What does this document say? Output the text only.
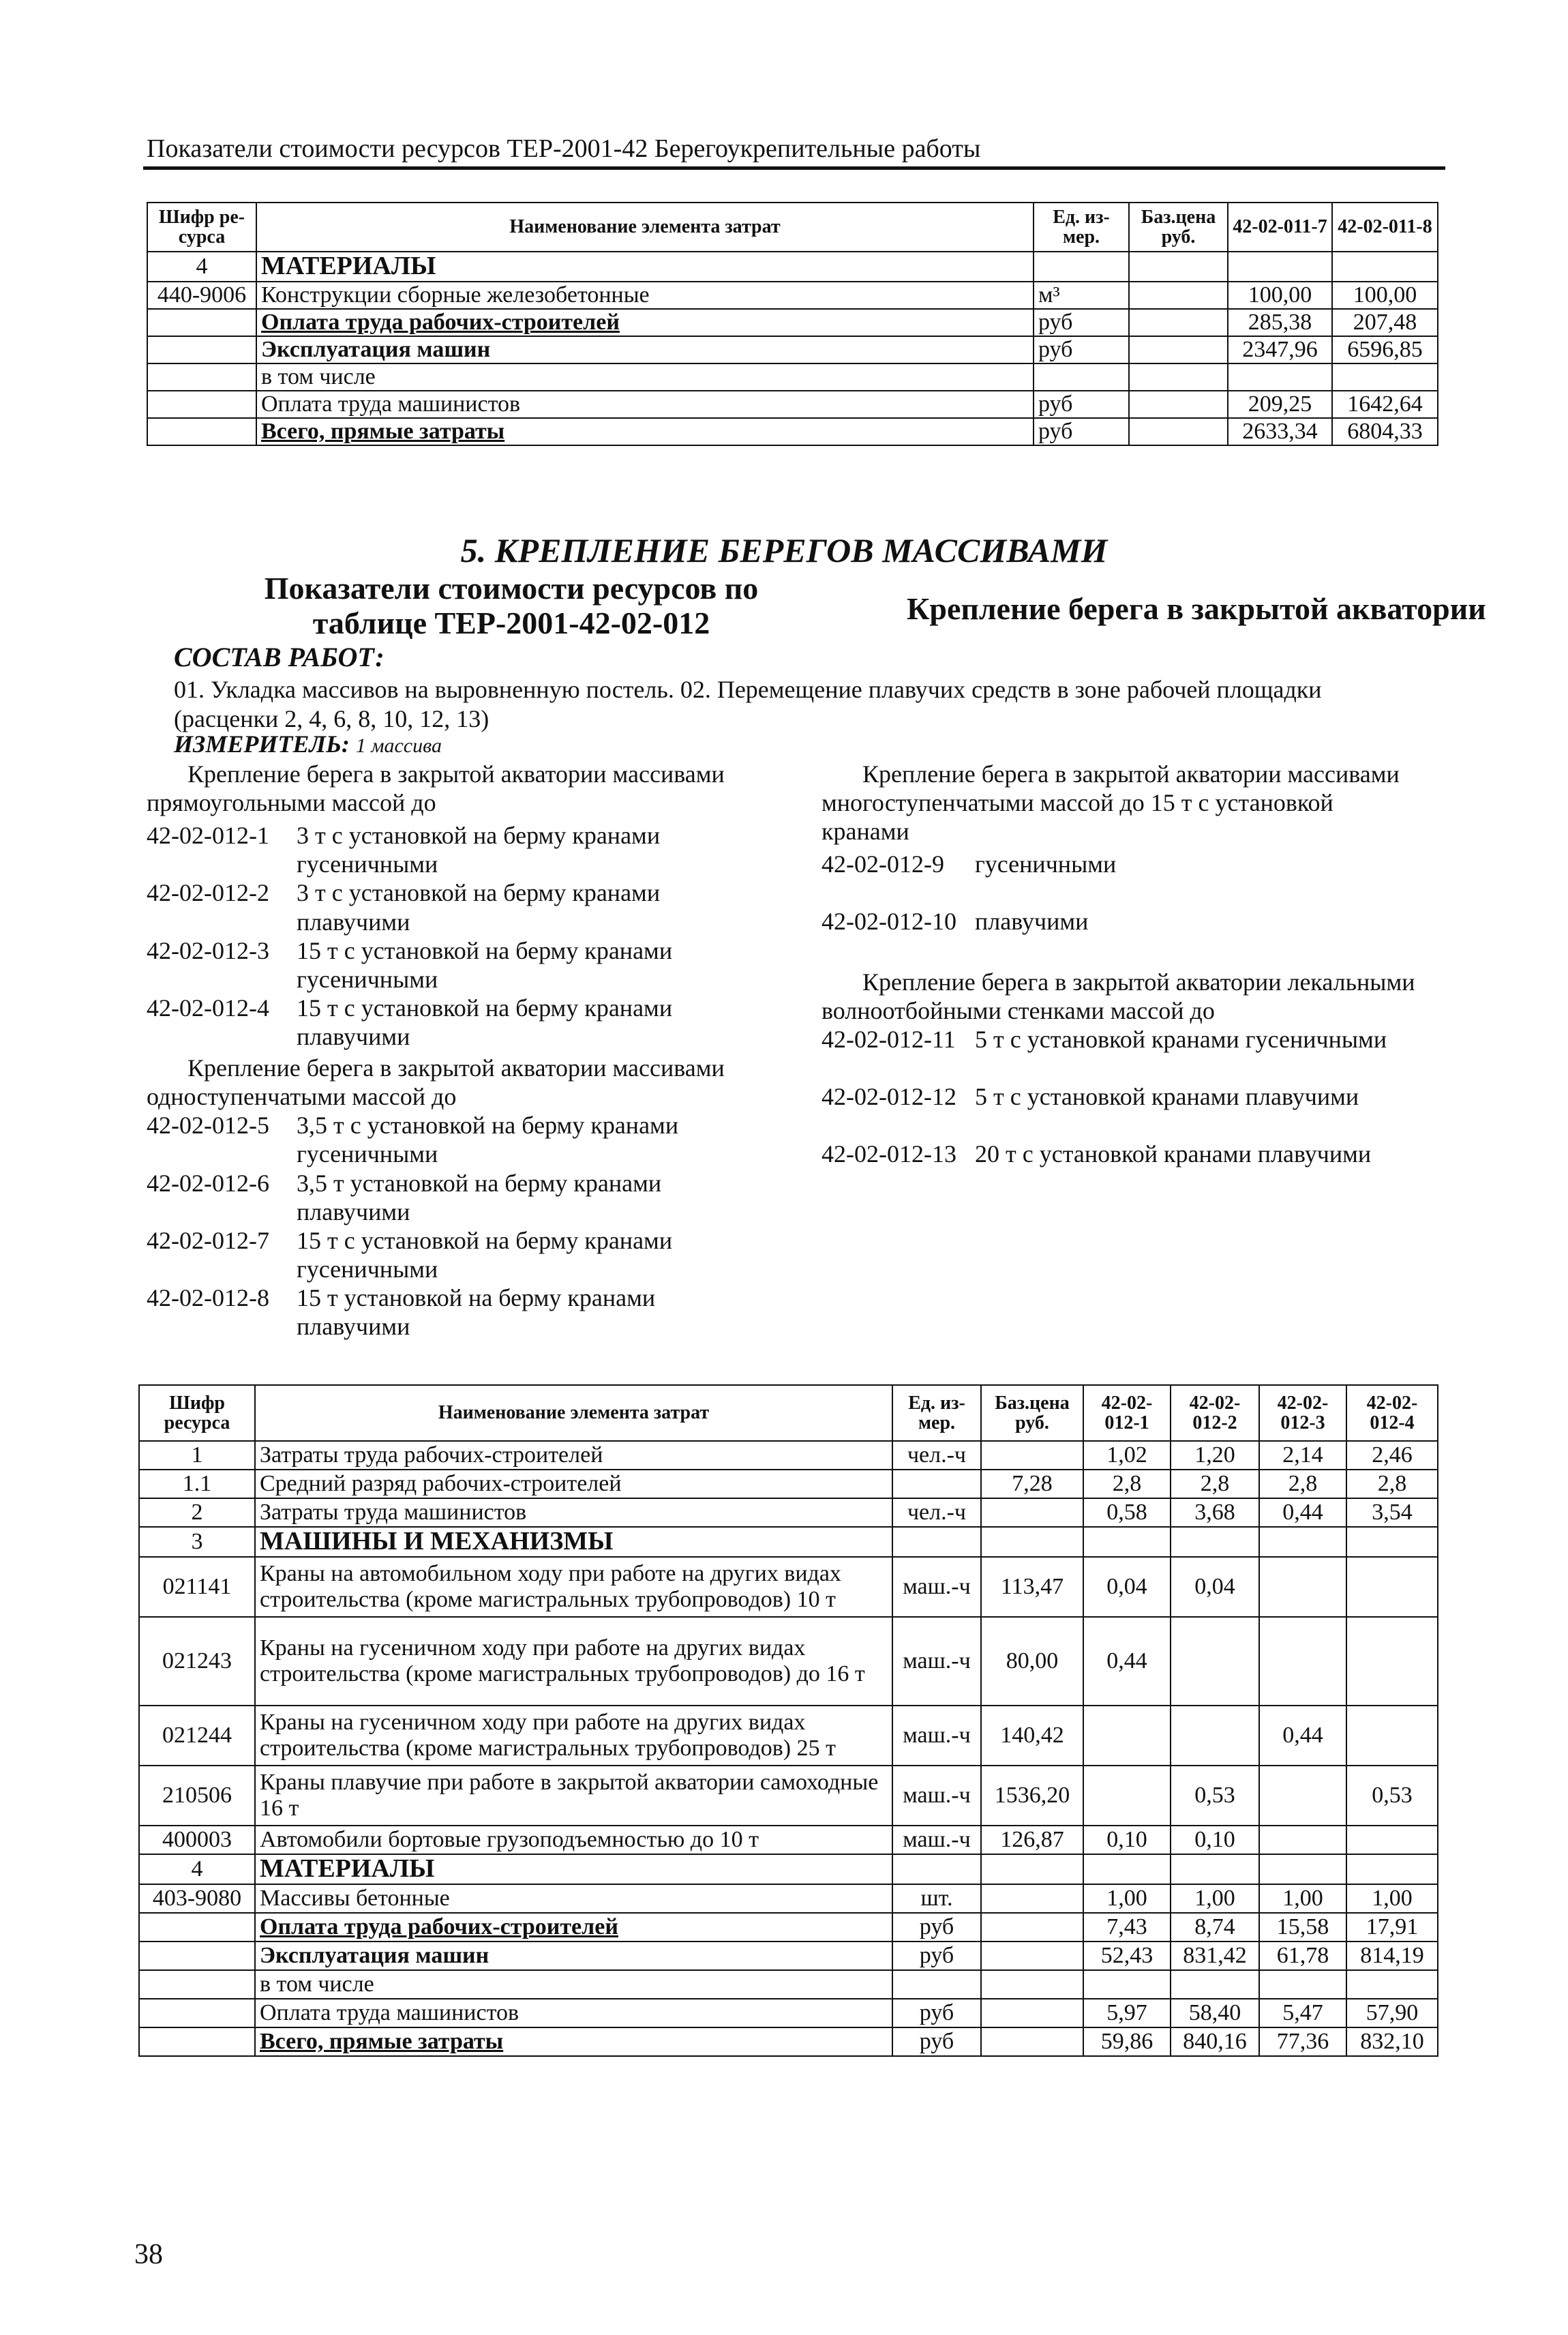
Показатели стоимости ресурсов ТЕР-2001-42 Берегоукрепительные работы
Шифр ре-сурса	Наименование элемента затрат	Ед. из-мер.	Баз.цена руб.	42-02-011-7	42-02-011-8
4	МАТЕРИАЛЫ				
440-9006	Конструкции сборные железобетонные	м³		100,00	100,00
	Оплата труда рабочих-строителей	руб		285,38	207,48
	Эксплуатация машин	руб		2347,96	6596,85
	в том числе				
	Оплата труда машинистов	руб		209,25	1642,64
	Всего, прямые затраты	руб		2633,34	6804,33
5. КРЕПЛЕНИЕ БЕРЕГОВ МАССИВАМИ
Показатели стоимости ресурсов по таблице ТЕР-2001-42-02-012	Крепление берега в закрытой акватории
СОСТАВ РАБОТ:
01. Укладка массивов на выровненную постель. 02. Перемещение плавучих средств в зоне рабочей площадки (расценки 2, 4, 6, 8, 10, 12, 13)
ИЗМЕРИТЕЛЬ: 1 массива
Крепление берега в закрытой акватории массивами прямоугольными массой до
42-02-012-1	3 т с установкой на берму кранами гусеничными
42-02-012-2	3 т с установкой на берму кранами плавучими
42-02-012-3	15 т с установкой на берму кранами гусеничными
42-02-012-4	15 т с установкой на берму кранами плавучими
Крепление берега в закрытой акватории массивами одноступенчатыми массой до
42-02-012-5	3,5 т с установкой на берму кранами гусеничными
42-02-012-6	3,5 т установкой на берму кранами плавучими
42-02-012-7	15 т с установкой на берму кранами гусеничными
42-02-012-8	15 т установкой на берму кранами плавучими
Крепление берега в закрытой акватории массивами многоступенчатыми массой до 15 т с установкой кранами
42-02-012-9	гусеничными
42-02-012-10 плавучими
Крепление берега в закрытой акватории лекальными волноотбойными стенками массой до
42-02-012-11 5 т с установкой кранами гусеничными
42-02-012-12 5 т с установкой кранами плавучими
42-02-012-13 20 т с установкой кранами плавучими
Шифр ресурса	Наименование элемента затрат	Ед. из-мер.	Баз.цена руб.	42-02-012-1	42-02-012-2	42-02-012-3	42-02-012-4
1	Затраты труда рабочих-строителей	чел.-ч		1,02	1,20	2,14	2,46
1.1	Средний разряд рабочих-строителей		7,28	2,8	2,8	2,8	2,8
2	Затраты труда машинистов	чел.-ч		0,58	3,68	0,44	3,54
3	МАШИНЫ И МЕХАНИЗМЫ						
021141	Краны на автомобильном ходу при работе на других видах строительства (кроме магистральных трубопроводов) 10 т	маш.-ч	113,47	0,04	0,04		
021243	Краны на гусеничном ходу при работе на других видах строительства (кроме магистральных трубопроводов) до 16 т	маш.-ч	80,00	0,44			
021244	Краны на гусеничном ходу при работе на других видах строительства (кроме магистральных трубопроводов) 25 т	маш.-ч	140,42			0,44	
210506	Краны плавучие при работе в закрытой акватории самоходные 16 т	маш.-ч	1536,20		0,53		0,53
400003	Автомобили бортовые грузоподъемностью до 10 т	маш.-ч	126,87	0,10	0,10		
4	МАТЕРИАЛЫ						
403-9080	Массивы бетонные	шт.		1,00	1,00	1,00	1,00
	Оплата труда рабочих-строителей	руб		7,43	8,74	15,58	17,91
	Эксплуатация машин	руб		52,43	831,42	61,78	814,19
	в том числе						
	Оплата труда машинистов	руб		5,97	58,40	5,47	57,90
	Всего, прямые затраты	руб		59,86	840,16	77,36	832,10
38
